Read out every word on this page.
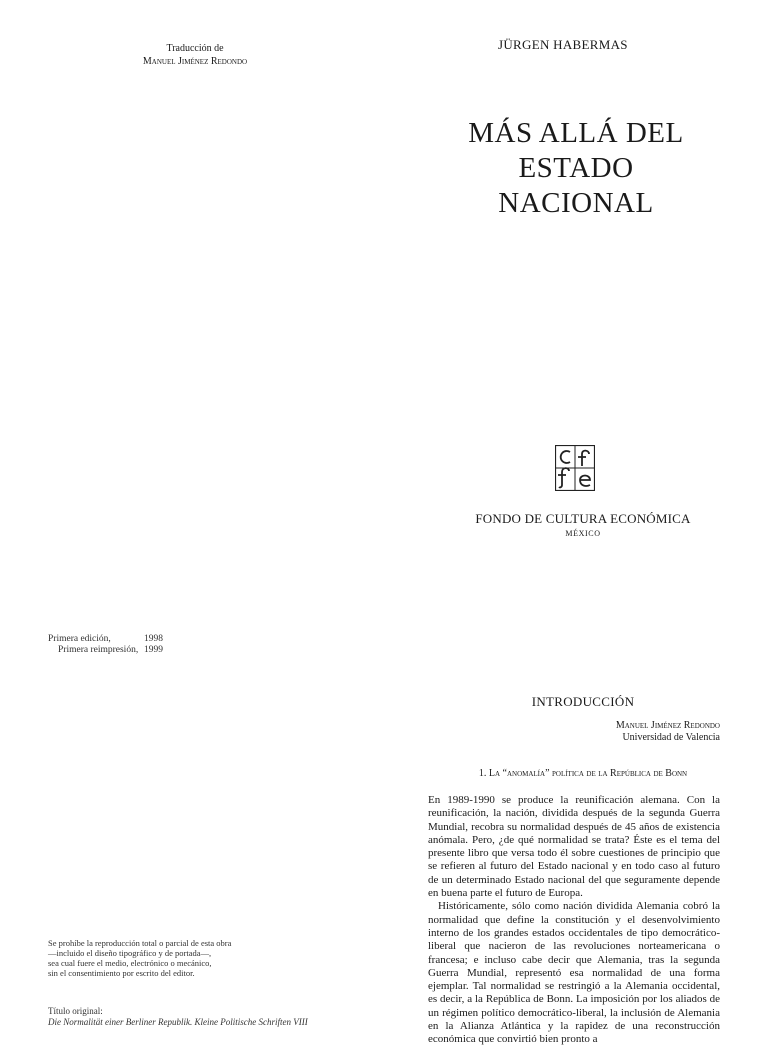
Traducción de
Manuel Jiménez Redondo
Primera edición,	1998
Primera reimpresión, 1999
Se prohíbe la reproducción total o parcial de esta obra
—incluido el diseño tipográfico y de portada—,
sea cual fuere el medio, electrónico o mecánico,
sin el consentimiento por escrito del editor.
Título original:
Die Normalität einer Berliner Republik. Kleine Politische Schriften VIII
JÜRGEN HABERMAS
MÁS ALLÁ DEL
ESTADO NACIONAL
FONDO DE CULTURA ECONÓMICA
MÉXICO
INTRODUCCIÓN
Manuel Jiménez Redondo
Universidad de Valencia
1. La “anomalía” política de la República de Bonn

En 1989-1990 se produce la reunificación alemana. Con la reunificación, la nación, dividida después de la segunda Guerra Mundial, recobra su normalidad después de 45 años de existencia anómala. Pero, ¿de qué normalidad se trata? Éste es el tema del presente libro que versa todo él sobre cuestiones de principio que se refieren al futuro del Estado nacional y en todo caso al futuro de un determinado Estado nacional del que seguramente depende en buena parte el futuro de Europa.

Históricamente, sólo como nación dividida Alemania cobró la normalidad que define la constitución y el desenvolvimiento interno de los grandes estados occidentales de tipo democrático-liberal que nacieron de las revoluciones norteamericana o francesa; e incluso cabe decir que Alemania, tras la segunda Guerra Mundial, representó esa normalidad de una forma ejemplar. Tal normalidad se restringió a la Alemania occidental, es decir, a la República de Bonn. La imposición por los aliados de un régimen político democrático-liberal, la inclusión de Alemania en la Alianza Atlántica y la rapidez de una reconstrucción económica que convirtió bien pronto a
